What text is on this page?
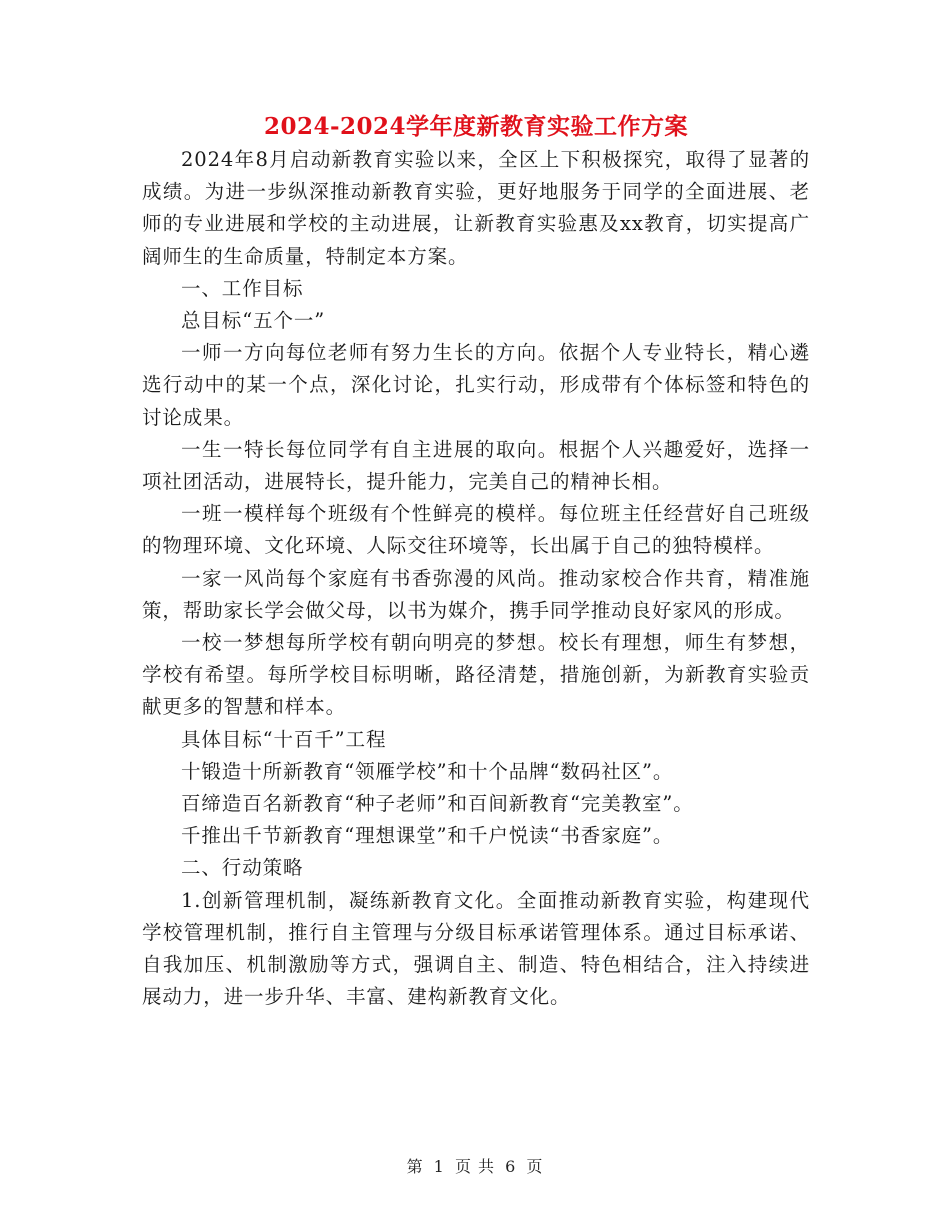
2024-2024学年度新教育实验工作方案

2024年8月启动新教育实验以来，全区上下积极探究，取得了显著的成绩。为进一步纵深推动新教育实验，更好地服务于同学的全面进展、老师的专业进展和学校的主动进展，让新教育实验惠及xx教育，切实提高广阔师生的生命质量，特制定本方案。

一、工作目标

总目标“五个一”

一师一方向每位老师有努力生长的方向。依据个人专业特长，精心遴选行动中的某一个点，深化讨论，扎实行动，形成带有个体标签和特色的讨论成果。

一生一特长每位同学有自主进展的取向。根据个人兴趣爱好，选择一项社团活动，进展特长，提升能力，完美自己的精神长相。

一班一模样每个班级有个性鲜亮的模样。每位班主任经营好自己班级的物理环境、文化环境、人际交往环境等，长出属于自己的独特模样。

一家一风尚每个家庭有书香弥漫的风尚。推动家校合作共育，精准施策，帮助家长学会做父母，以书为媒介，携手同学推动良好家风的形成。

一校一梦想每所学校有朝向明亮的梦想。校长有理想，师生有梦想，学校有希望。每所学校目标明晰，路径清楚，措施创新，为新教育实验贡献更多的智慧和样本。

具体目标“十百千”工程

十锻造十所新教育“领雁学校”和十个品牌“数码社区”。

百缔造百名新教育“种子老师”和百间新教育“完美教室”。

千推出千节新教育“理想课堂”和千户悦读“书香家庭”。

二、行动策略

1.创新管理机制，凝练新教育文化。全面推动新教育实验，构建现代学校管理机制，推行自主管理与分级目标承诺管理体系。通过目标承诺、自我加压、机制激励等方式，强调自主、制造、特色相结合，注入持续进展动力，进一步升华、丰富、建构新教育文化。

第 1 页 共 6 页
